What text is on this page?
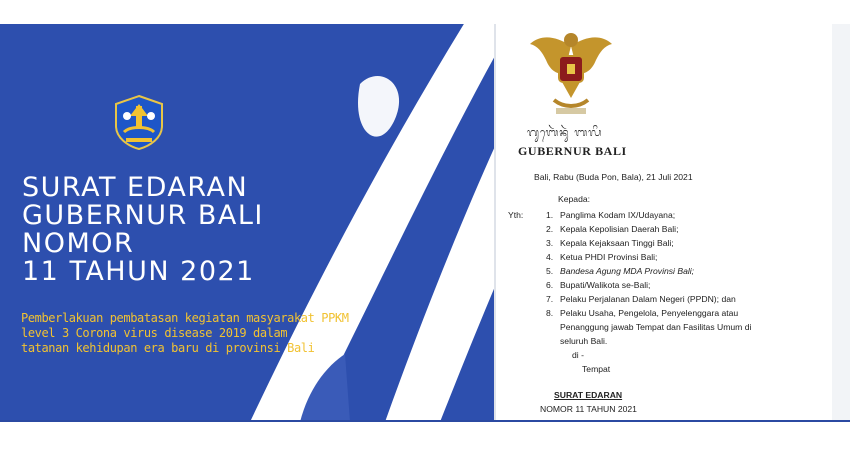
SURAT EDARAN
GUBERNUR BALI
NOMOR
11 TAHUN 2021
Pemberlakuan pembatasan kegiatan masyarakat PPKM
level 3 Corona virus disease 2019 dalam
tatanan kehidupan era baru di provinsi Bali
ᬕᬸᬩᬾᬃᬦᬸᬃ ᬩᬮᬶ
GUBERNUR BALI
Bali, Rabu (Buda Pon, Bala), 21 Juli 2021
Kepada:
Yth:	1. Panglima Kodam IX/Udayana;
2. Kepala Kepolisian Daerah Bali;
3. Kepala Kejaksaan Tinggi Bali;
4. Ketua PHDI Provinsi Bali;
5. Bandesa Agung MDA Provinsi Bali;
6. Bupati/Walikota se-Bali;
7. Pelaku Perjalanan Dalam Negeri (PPDN); dan
8. Pelaku Usaha, Pengelola, Penyelenggara atau
Penanggung jawab Tempat dan Fasilitas Umum di
seluruh Bali.
di -
Tempat
SURAT EDARAN
NOMOR 11 TAHUN 2021
